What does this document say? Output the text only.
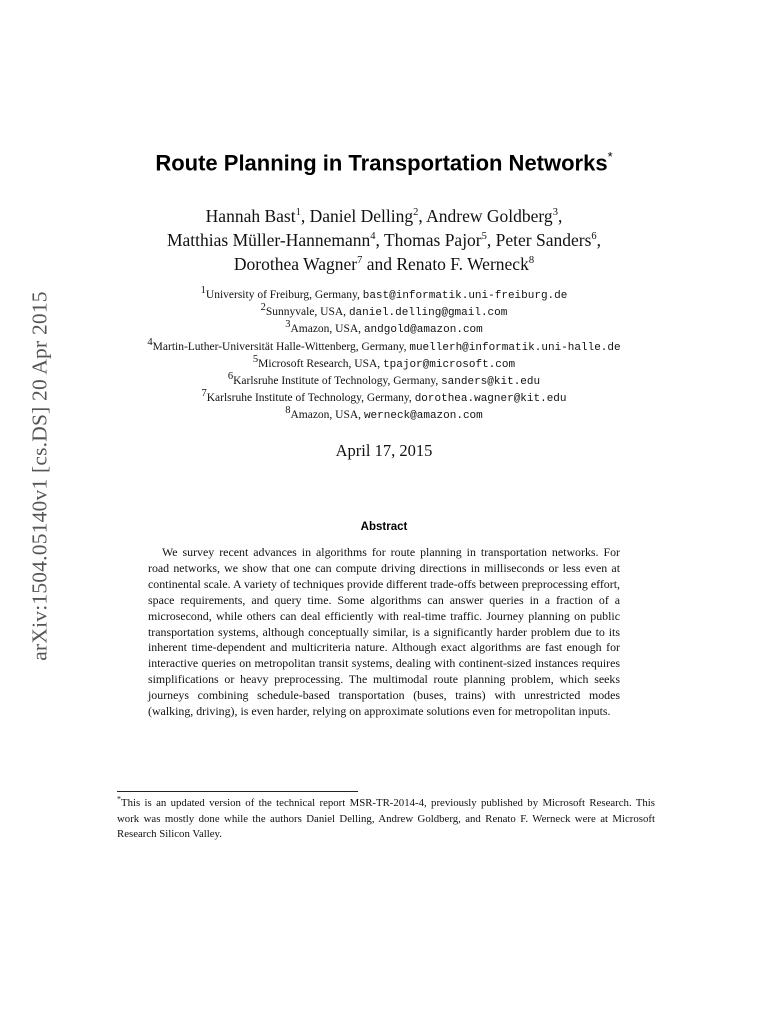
arXiv:1504.05140v1 [cs.DS] 20 Apr 2015
Route Planning in Transportation Networks*
Hannah Bast$^1$, Daniel Delling$^2$, Andrew Goldberg$^3$,
Matthias Müller-Hannemann$^4$, Thomas Pajor$^5$, Peter Sanders$^6$,
Dorothea Wagner$^7$ and Renato F. Werneck$^8$
1University of Freiburg, Germany, bast@informatik.uni-freiburg.de
2Sunnyvale, USA, daniel.delling@gmail.com
3Amazon, USA, andgold@amazon.com
4Martin-Luther-Universität Halle-Wittenberg, Germany, muellerh@informatik.uni-halle.de
5Microsoft Research, USA, tpajor@microsoft.com
6Karlsruhe Institute of Technology, Germany, sanders@kit.edu
7Karlsruhe Institute of Technology, Germany, dorothea.wagner@kit.edu
8Amazon, USA, werneck@amazon.com
April 17, 2015
Abstract
We survey recent advances in algorithms for route planning in transportation networks. For road networks, we show that one can compute driving directions in milliseconds or less even at continental scale. A variety of techniques provide different trade-offs between preprocessing effort, space requirements, and query time. Some algorithms can answer queries in a fraction of a microsecond, while others can deal efficiently with real-time traffic. Journey planning on public transportation systems, although conceptually similar, is a significantly harder problem due to its inherent time-dependent and multicriteria nature. Although exact algorithms are fast enough for interactive queries on metropolitan transit systems, dealing with continent-sized instances requires simplifications or heavy preprocessing. The multimodal route planning problem, which seeks journeys combining schedule-based transportation (buses, trains) with unrestricted modes (walking, driving), is even harder, relying on approximate solutions even for metropolitan inputs.
*This is an updated version of the technical report MSR-TR-2014-4, previously published by Microsoft Research. This work was mostly done while the authors Daniel Delling, Andrew Goldberg, and Renato F. Werneck were at Microsoft Research Silicon Valley.
